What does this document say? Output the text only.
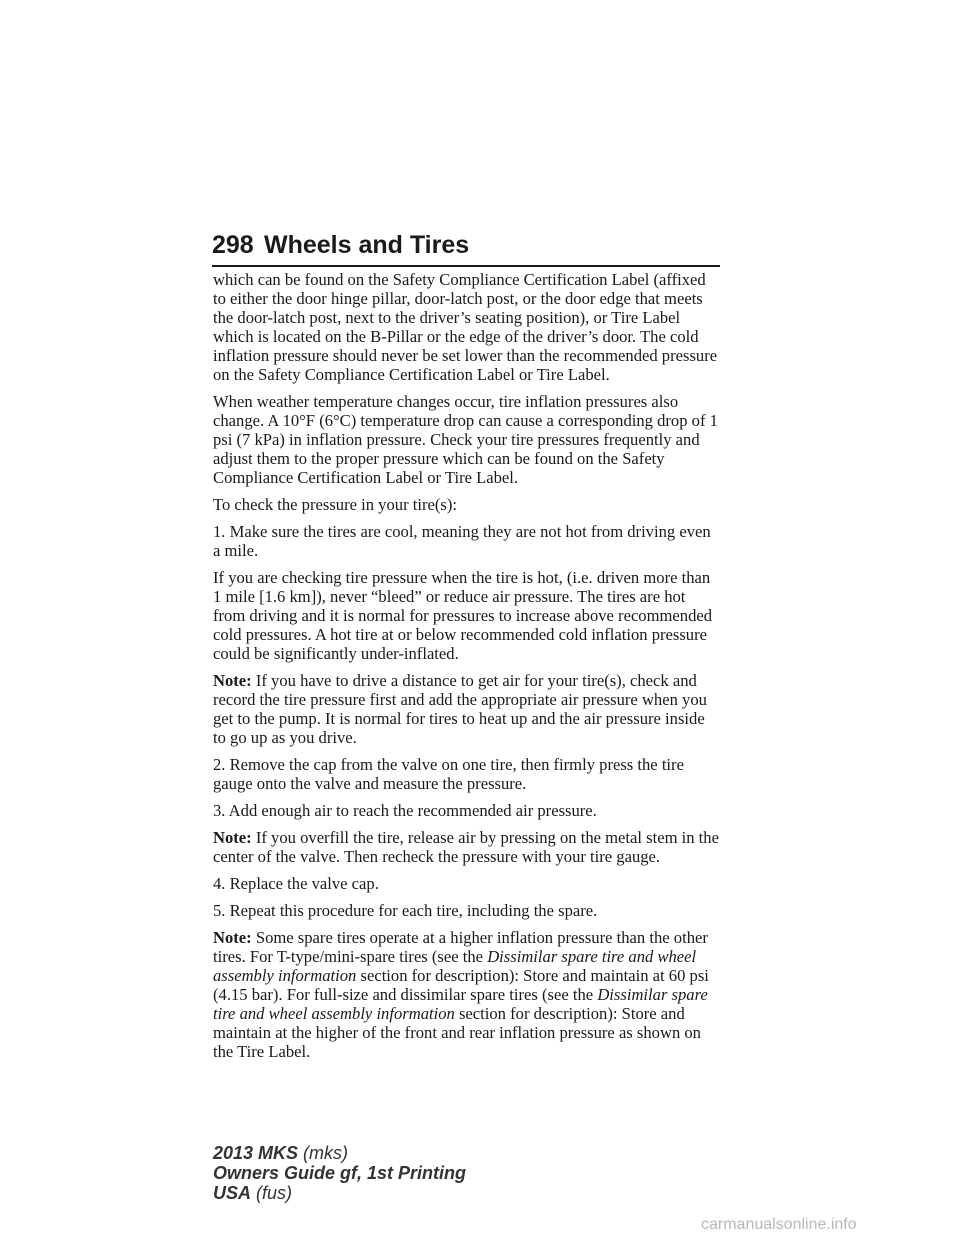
298 Wheels and Tires

which can be found on the Safety Compliance Certification Label (affixed to either the door hinge pillar, door-latch post, or the door edge that meets the door-latch post, next to the driver’s seating position), or Tire Label which is located on the B-Pillar or the edge of the driver’s door. The cold inflation pressure should never be set lower than the recommended pressure on the Safety Compliance Certification Label or Tire Label.

When weather temperature changes occur, tire inflation pressures also change. A 10°F (6°C) temperature drop can cause a corresponding drop of 1 psi (7 kPa) in inflation pressure. Check your tire pressures frequently and adjust them to the proper pressure which can be found on the Safety Compliance Certification Label or Tire Label.

To check the pressure in your tire(s):

1. Make sure the tires are cool, meaning they are not hot from driving even a mile.

If you are checking tire pressure when the tire is hot, (i.e. driven more than 1 mile [1.6 km]), never “bleed” or reduce air pressure. The tires are hot from driving and it is normal for pressures to increase above recommended cold pressures. A hot tire at or below recommended cold inflation pressure could be significantly under-inflated.

Note: If you have to drive a distance to get air for your tire(s), check and record the tire pressure first and add the appropriate air pressure when you get to the pump. It is normal for tires to heat up and the air pressure inside to go up as you drive.

2. Remove the cap from the valve on one tire, then firmly press the tire gauge onto the valve and measure the pressure.

3. Add enough air to reach the recommended air pressure.

Note: If you overfill the tire, release air by pressing on the metal stem in the center of the valve. Then recheck the pressure with your tire gauge.

4. Replace the valve cap.

5. Repeat this procedure for each tire, including the spare.

Note: Some spare tires operate at a higher inflation pressure than the other tires. For T-type/mini-spare tires (see the Dissimilar spare tire and wheel assembly information section for description): Store and maintain at 60 psi (4.15 bar). For full-size and dissimilar spare tires (see the Dissimilar spare tire and wheel assembly information section for description): Store and maintain at the higher of the front and rear inflation pressure as shown on the Tire Label.

2013 MKS (mks)
Owners Guide gf, 1st Printing
USA (fus)
carmanualsonline.info
